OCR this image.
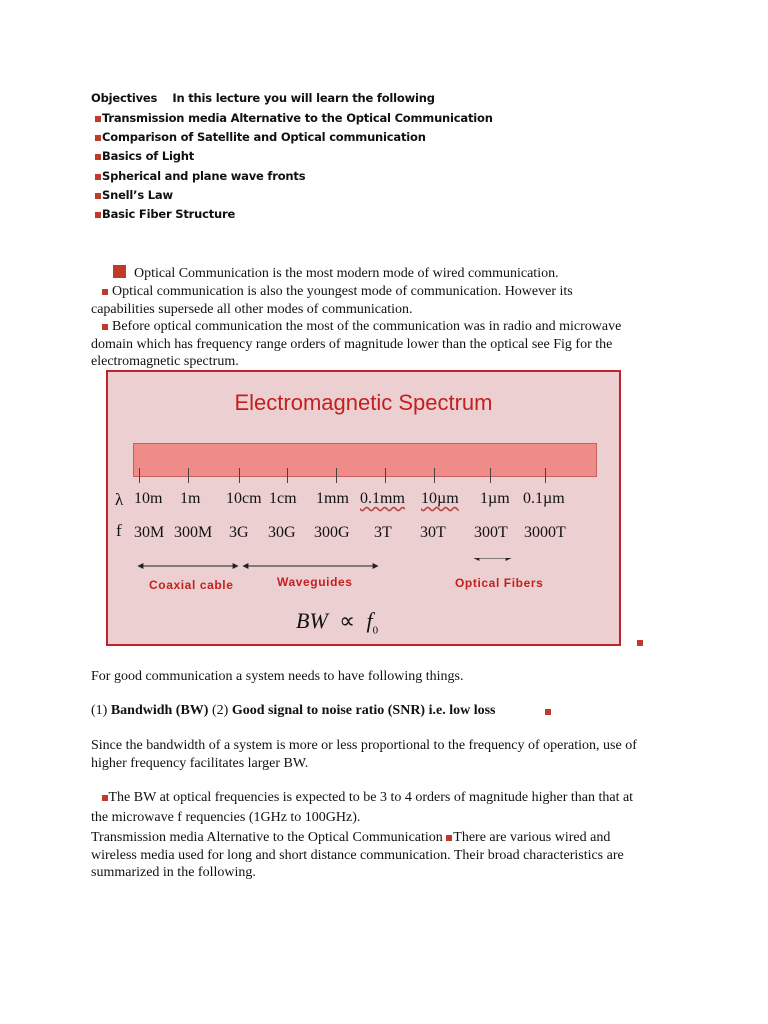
Objectives In this lecture you will learn the following
Transmission media Alternative to the Optical Communication
Comparison of Satellite and Optical communication
Basics of Light
Spherical and plane wave fronts
Snell’s Law
Basic Fiber Structure
Optical Communication is the most modern mode of wired communication.
Optical communication is also the youngest mode of communication. However its
capabilities supersede all other modes of communication.
Before optical communication the most of the communication was in radio and microwave
domain which has frequency range orders of magnitude lower than the optical see Fig for the
electromagnetic spectrum.
Electromagnetic Spectrum
λ 10m 1m 10cm 1cm 1mm 0.1mm 10µm 1µm 0.1µm
f 30M 300M 3G 30G 300G 3T 30T 300T 3000T
Coaxial cable	Waveguides	Optical Fibers
BW ∝ $f_0$
For good communication a system needs to have following things.
(1) Bandwidh (BW) (2) Good signal to noise ratio (SNR) i.e. low loss
Since the bandwidth of a system is more or less proportional to the frequency of operation, use of
higher frequency facilitates larger BW.
The BW at optical frequencies is expected to be 3 to 4 orders of magnitude higher than that at
the microwave f requencies (1GHz to 100GHz).
Transmission media Alternative to the Optical Communication There are various wired and
wireless media used for long and short distance communication. Their broad characteristics are
summarized in the following.
